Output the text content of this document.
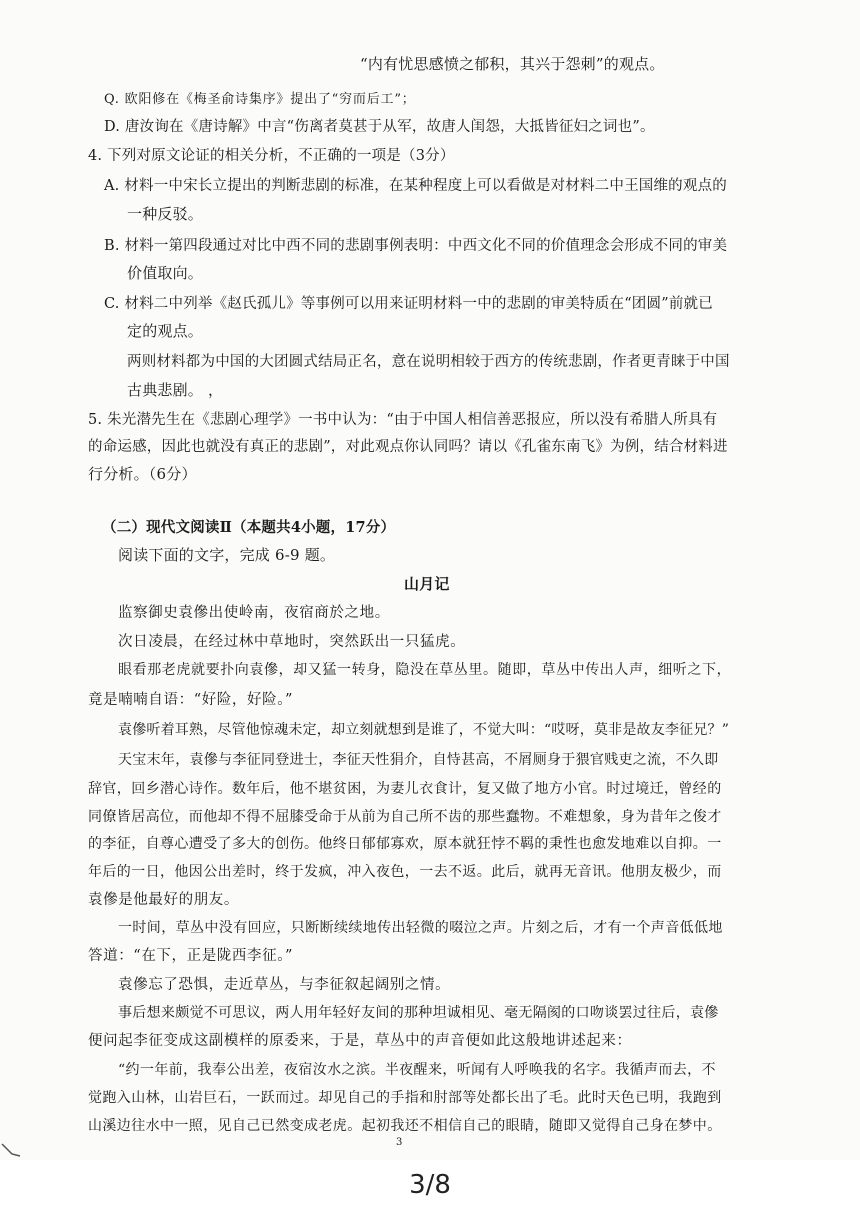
“内有忧思感愤之郁积，其兴于怨刺”的观点。
Q. 欧阳修在《梅圣俞诗集序》提出了“穷而后工”；
D. 唐汝询在《唐诗解》中言“伤离者莫甚于从军，故唐人闺怨，大抵皆征妇之词也”。
4. 下列对原文论证的相关分析，不正确的一项是（3分）
A. 材料一中宋长立提出的判断悲剧的标准，在某种程度上可以看做是对材料二中王国维的观点的
一种反驳。
B. 材料一第四段通过对比中西不同的悲剧事例表明：中西文化不同的价值理念会形成不同的审美
价值取向。
C. 材料二中列举《赵氏孤儿》等事例可以用来证明材料一中的悲剧的审美特质在“团圆”前就已
定的观点。
两则材料都为中国的大团圆式结局正名，意在说明相较于西方的传统悲剧，作者更青睐于中国
古典悲剧。 ，
5. 朱光潜先生在《悲剧心理学》一书中认为：“由于中国人相信善恶报应，所以没有希腊人所具有
的命运感，因此也就没有真正的悲剧”，对此观点你认同吗？请以《孔雀东南飞》为例，结合材料进
行分析。（6分）
（二）现代文阅读Ⅱ（本题共4小题，17分）
阅读下面的文字，完成 6-9 题。
山月记
监察御史袁傪出使岭南，夜宿商於之地。
次日凌晨，在经过林中草地时，突然跃出一只猛虎。
眼看那老虎就要扑向袁傪，却又猛一转身，隐没在草丛里。随即，草丛中传出人声，细听之下，
竟是喃喃自语：“好险，好险。”
袁傪听着耳熟，尽管他惊魂未定，却立刻就想到是谁了，不觉大叫：“哎呀，莫非是故友李征兄？”
天宝末年，袁傪与李征同登进士，李征天性狷介，自恃甚高，不屑厕身于猥官贱吏之流，不久即
辞官，回乡潜心诗作。数年后，他不堪贫困，为妻儿衣食计，复又做了地方小官。时过境迁，曾经的
同僚皆居高位，而他却不得不屈膝受命于从前为自己所不齿的那些蠢物。不难想象，身为昔年之俊才
的李征，自尊心遭受了多大的创伤。他终日郁郁寡欢，原本就狂悖不羁的秉性也愈发地难以自抑。一
年后的一日，他因公出差时，终于发疯，冲入夜色，一去不返。此后，就再无音讯。他朋友极少，而
袁傪是他最好的朋友。
一时间，草丛中没有回应，只断断续续地传出轻微的啜泣之声。片刻之后，才有一个声音低低地
答道：“在下，正是陇西李征。”
袁傪忘了恐惧，走近草丛，与李征叙起阔别之情。
事后想来颇觉不可思议，两人用年轻好友间的那种坦诚相见、毫无隔阂的口吻谈罢过往后，袁傪
便问起李征变成这副模样的原委来，于是，草丛中的声音便如此这般地讲述起来：
“约一年前，我奉公出差，夜宿汝水之滨。半夜醒来，听闻有人呼唤我的名字。我循声而去，不
觉跑入山林，山岩巨石，一跃而过。却见自己的手指和肘部等处都长出了毛。此时天色已明，我跑到
山溪边往水中一照，见自己已然变成老虎。起初我还不相信自己的眼睛，随即又觉得自己身在梦中。
3
3/8
